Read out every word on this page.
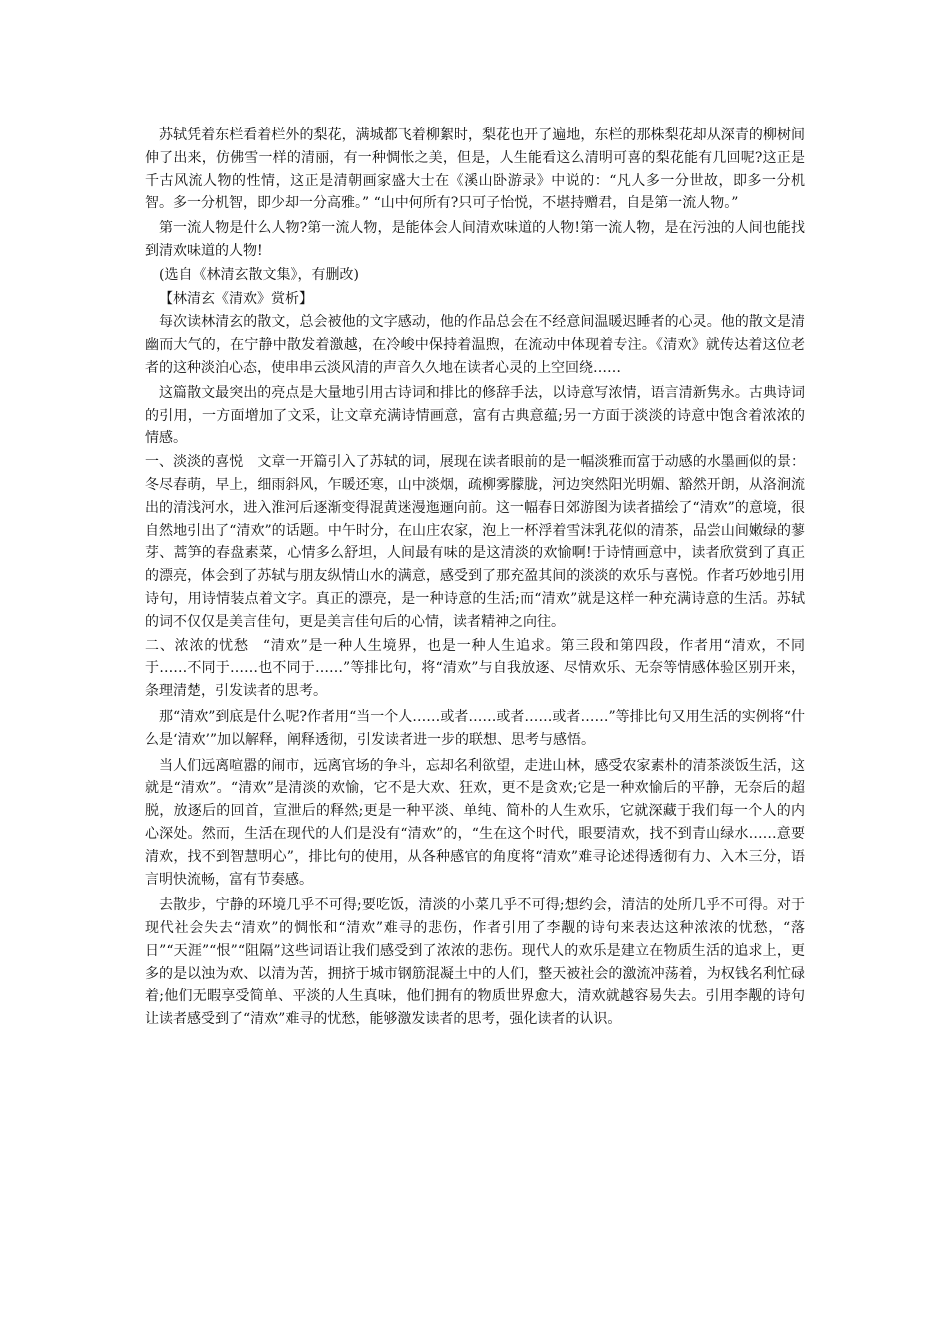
苏轼凭着东栏看着栏外的梨花，满城都飞着柳絮时，梨花也开了遍地，东栏的那株梨花却从深青的柳树间伸了出来，仿佛雪一样的清丽，有一种惆怅之美，但是，人生能看这么清明可喜的梨花能有几回呢?这正是千古风流人物的性情，这正是清朝画家盛大士在《溪山卧游录》中说的：“凡人多一分世故，即多一分机智。多一分机智，即少却一分高雅。” “山中何所有?只可子怡悦，不堪持赠君，自是第一流人物。”

第一流人物是什么人物?第一流人物，是能体会人间清欢味道的人物!第一流人物，是在污浊的人间也能找到清欢味道的人物!

(选自《林清玄散文集》，有删改)

【林清玄《清欢》赏析】

每次读林清玄的散文，总会被他的文字感动，他的作品总会在不经意间温暖迟睡者的心灵。他的散文是清幽而大气的，在宁静中散发着激越，在冷峻中保持着温煦，在流动中体现着专注。《清欢》就传达着这位老者的这种淡泊心态，使串串云淡风清的声音久久地在读者心灵的上空回绕……

这篇散文最突出的亮点是大量地引用古诗词和排比的修辞手法，以诗意写浓情，语言清新隽永。古典诗词的引用，一方面增加了文采，让文章充满诗情画意，富有古典意蕴;另一方面于淡淡的诗意中饱含着浓浓的情感。

一、淡淡的喜悦 文章一开篇引入了苏轼的词，展现在读者眼前的是一幅淡雅而富于动感的水墨画似的景：冬尽春萌，早上，细雨斜风，乍暖还寒，山中淡烟，疏柳雾朦胧，河边突然阳光明媚、豁然开朗，从洛涧流出的清浅河水，进入淮河后逐渐变得混黄迷漫迤逦向前。这一幅春日郊游图为读者描绘了“清欢”的意境，很自然地引出了“清欢”的话题。中午时分，在山庄农家，泡上一杯浮着雪沫乳花似的清茶，品尝山间嫩绿的蓼芽、蒿笋的春盘素菜，心情多么舒坦，人间最有味的是这清淡的欢愉啊!于诗情画意中，读者欣赏到了真正的漂亮，体会到了苏轼与朋友纵情山水的满意，感受到了那充盈其间的淡淡的欢乐与喜悦。作者巧妙地引用诗句，用诗情装点着文字。真正的漂亮，是一种诗意的生活;而“清欢”就是这样一种充满诗意的生活。苏轼的词不仅仅是美言佳句，更是美言佳句后的心情，读者精神之向往。

二、浓浓的忧愁 “清欢”是一种人生境界，也是一种人生追求。第三段和第四段，作者用“清欢，不同于……不同于……也不同于……”等排比句，将“清欢”与自我放逐、尽情欢乐、无奈等情感体验区别开来，条理清楚，引发读者的思考。

那“清欢”到底是什么呢?作者用“当一个人……或者……或者……或者……”等排比句又用生活的实例将“什么是‘清欢’”加以解释，阐释透彻，引发读者进一步的联想、思考与感悟。

当人们远离喧嚣的闹市，远离官场的争斗，忘却名利欲望，走进山林，感受农家素朴的清茶淡饭生活，这就是“清欢”。“清欢”是清淡的欢愉，它不是大欢、狂欢，更不是贪欢;它是一种欢愉后的平静，无奈后的超脱，放逐后的回首，宣泄后的释然;更是一种平淡、单纯、简朴的人生欢乐，它就深藏于我们每一个人的内心深处。然而，生活在现代的人们是没有“清欢”的，“生在这个时代，眼要清欢，找不到青山绿水……意要清欢，找不到智慧明心”，排比句的使用，从各种感官的角度将“清欢”难寻论述得透彻有力、入木三分，语言明快流畅，富有节奏感。

去散步，宁静的环境几乎不可得;要吃饭，清淡的小菜几乎不可得;想约会，清洁的处所几乎不可得。对于现代社会失去“清欢”的惆怅和“清欢”难寻的悲伤，作者引用了李觏的诗句来表达这种浓浓的忧愁，“落日”“天涯”“恨”“阻隔”这些词语让我们感受到了浓浓的悲伤。现代人的欢乐是建立在物质生活的追求上，更多的是以浊为欢、以清为苦，拥挤于城市钢筋混凝土中的人们，整天被社会的激流冲荡着，为权钱名利忙碌着;他们无暇享受简单、平淡的人生真味，他们拥有的物质世界愈大，清欢就越容易失去。引用李觏的诗句让读者感受到了“清欢”难寻的忧愁，能够激发读者的思考，强化读者的认识。
